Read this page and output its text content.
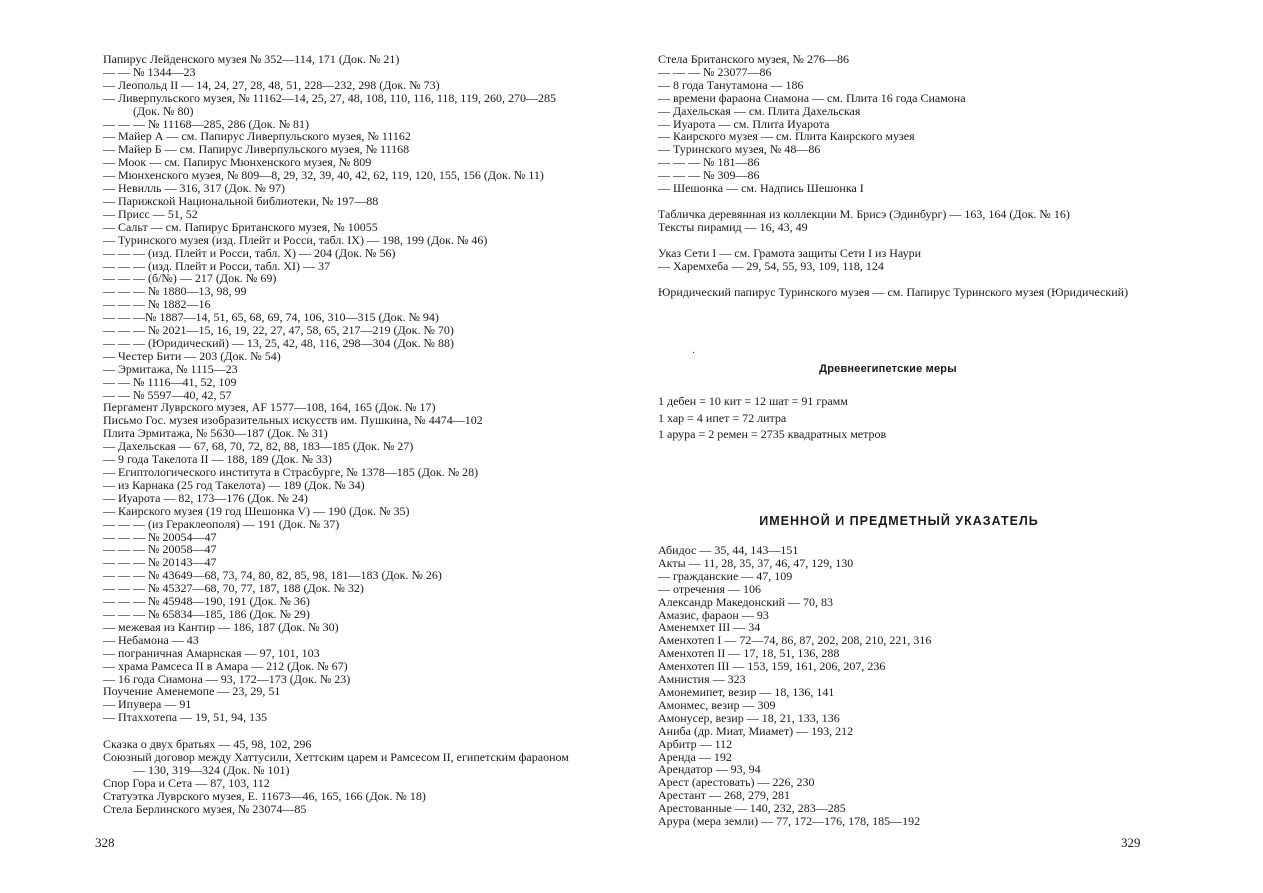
Папирус Лейденского музея № 352—114, 171 (Док. № 21)
— — № 1344—23
— Леопольд II — 14, 24, 27, 28, 48, 51, 228—232, 298 (Док. № 73)
— Ливерпульского музея, № 11162—14, 25, 27, 48, 108, 110, 116, 118, 119, 260, 270—285 (Док. № 80)
— — — № 11168—285, 286 (Док. № 81)
— Майер А — см. Папирус Ливерпульского музея, № 11162
— Майер Б — см. Папирус Ливерпульского музея, № 11168
— Моок — см. Папирус Мюнхенского музея, № 809
— Мюнхенского музея, № 809—8, 29, 32, 39, 40, 42, 62, 119, 120, 155, 156 (Док. № 11)
— Невилль — 316, 317 (Док. № 97)
— Парижской Национальной библиотеки, № 197—88
— Присс — 51, 52
— Сальт — см. Папирус Британского музея, № 10055
— Туринского музея (изд. Плейт и Росси, табл. IX) — 198, 199 (Док. № 46)
— — — (изд. Плейт и Росси, табл. X) — 204 (Док. № 56)
— — — (изд. Плейт и Росси, табл. XI) — 37
— — — (б/№) — 217 (Док. № 69)
— — — № 1880—13, 98, 99
— — — № 1882—16
— — —№ 1887—14, 51, 65, 68, 69, 74, 106, 310—315 (Док. № 94)
— — — № 2021—15, 16, 19, 22, 27, 47, 58, 65, 217—219 (Док. № 70)
— — — (Юридический) — 13, 25, 42, 48, 116, 298—304 (Док. № 88)
— Честер Бити — 203 (Док. № 54)
— Эрмитажа, № 1115—23
— — № 1116—41, 52, 109
— — № 5597—40, 42, 57
Пергамент Луврского музея, AF 1577—108, 164, 165 (Док. № 17)
Письмо Гос. музея изобразительных искусств им. Пушкина, № 4474—102
Плита Эрмитажа, № 5630—187 (Док. № 31)
— Дахельская — 67, 68, 70, 72, 82, 88, 183—185 (Док. № 27)
— 9 года Такелота II — 188, 189 (Док. № 33)
— Египтологического института в Страсбурге, № 1378—185 (Док. № 28)
— из Карнака (25 год Такелота) — 189 (Док. № 34)
— Иуарота — 82, 173—176 (Док. № 24)
— Каирского музея (19 год Шешонка V) — 190 (Док. № 35)
— — — (из Гераклеополя) — 191 (Док. № 37)
— — — № 20054—47
— — — № 20058—47
— — — № 20143—47
— — — № 43649—68, 73, 74, 80, 82, 85, 98, 181—183 (Док. № 26)
— — — № 45327—68, 70, 77, 187, 188 (Док. № 32)
— — — № 45948—190, 191 (Док. № 36)
— — — № 65834—185, 186 (Док. № 29)
— межевая из Кантир — 186, 187 (Док. № 30)
— Небамона — 43
— пограничная Амарнская — 97, 101, 103
— храма Рамсеса II в Амара — 212 (Док. № 67)
— 16 года Сиамона — 93, 172—173 (Док. № 23)
Поучение Аменемопе — 23, 29, 51
— Ипувера — 91
— Птаххотепа — 19, 51, 94, 135
Сказка о двух братьях — 45, 98, 102, 296
Союзный договор между Хаттусили, Хеттским царем и Рамсесом II, египетским фараоном — 130, 319—324 (Док. № 101)
Спор Гора и Сета — 87, 103, 112
Статуэтка Луврского музея, E. 11673—46, 165, 166 (Док. № 18)
Стела Берлинского музея, № 23074—85
328
Стела Британского музея, № 276—86
— — — № 23077—86
— 8 года Танутамона — 186
— времени фараона Сиамона — см. Плита 16 года Сиамона
— Дахельская — см. Плита Дахельская
— Иуарота — см. Плита Иуарота
— Каирского музея — см. Плита Каирского музея
— Туринского музея, № 48—86
— — — № 181—86
— — — № 309—86
— Шешонка — см. Надпись Шешонка I
Табличка деревянная из коллекции М. Брисэ (Эдинбург) — 163, 164 (Док. № 16)
Тексты пирамид — 16, 43, 49
Указ Сети I — см. Грамота защиты Сети I из Наури
— Харемхеба — 29, 54, 55, 93, 109, 118, 124
Юридический папирус Туринского музея — см. Папирус Туринского музея (Юридический)
·
Древнеегипетские меры
1 дебен = 10 кит = 12 шат = 91 грамм
1 хар = 4 ипет = 72 литра
1 арура = 2 ремен = 2735 квадратных метров
ИМЕННОЙ И ПРЕДМЕТНЫЙ УКАЗАТЕЛЬ
Абидос — 35, 44, 143—151
Акты — 11, 28, 35, 37, 46, 47, 129, 130
— гражданские — 47, 109
— отречения — 106
Александр Македонский — 70, 83
Амазис, фараон — 93
Аменемхет III — 34
Аменхотеп I — 72—74, 86, 87, 202, 208, 210, 221, 316
Аменхотеп II — 17, 18, 51, 136, 288
Аменхотеп III — 153, 159, 161, 206, 207, 236
Амнистия — 323
Амонемипет, везир — 18, 136, 141
Амонмес, везир — 309
Амонусер, везир — 18, 21, 133, 136
Аниба (др. Миат, Миамет) — 193, 212
Арбитр — 112
Аренда — 192
Арендатор — 93, 94
Арест (арестовать) — 226, 230
Арестант — 268, 279, 281
Арестованные — 140, 232, 283—285
Арура (мера земли) — 77, 172—176, 178, 185—192
329
